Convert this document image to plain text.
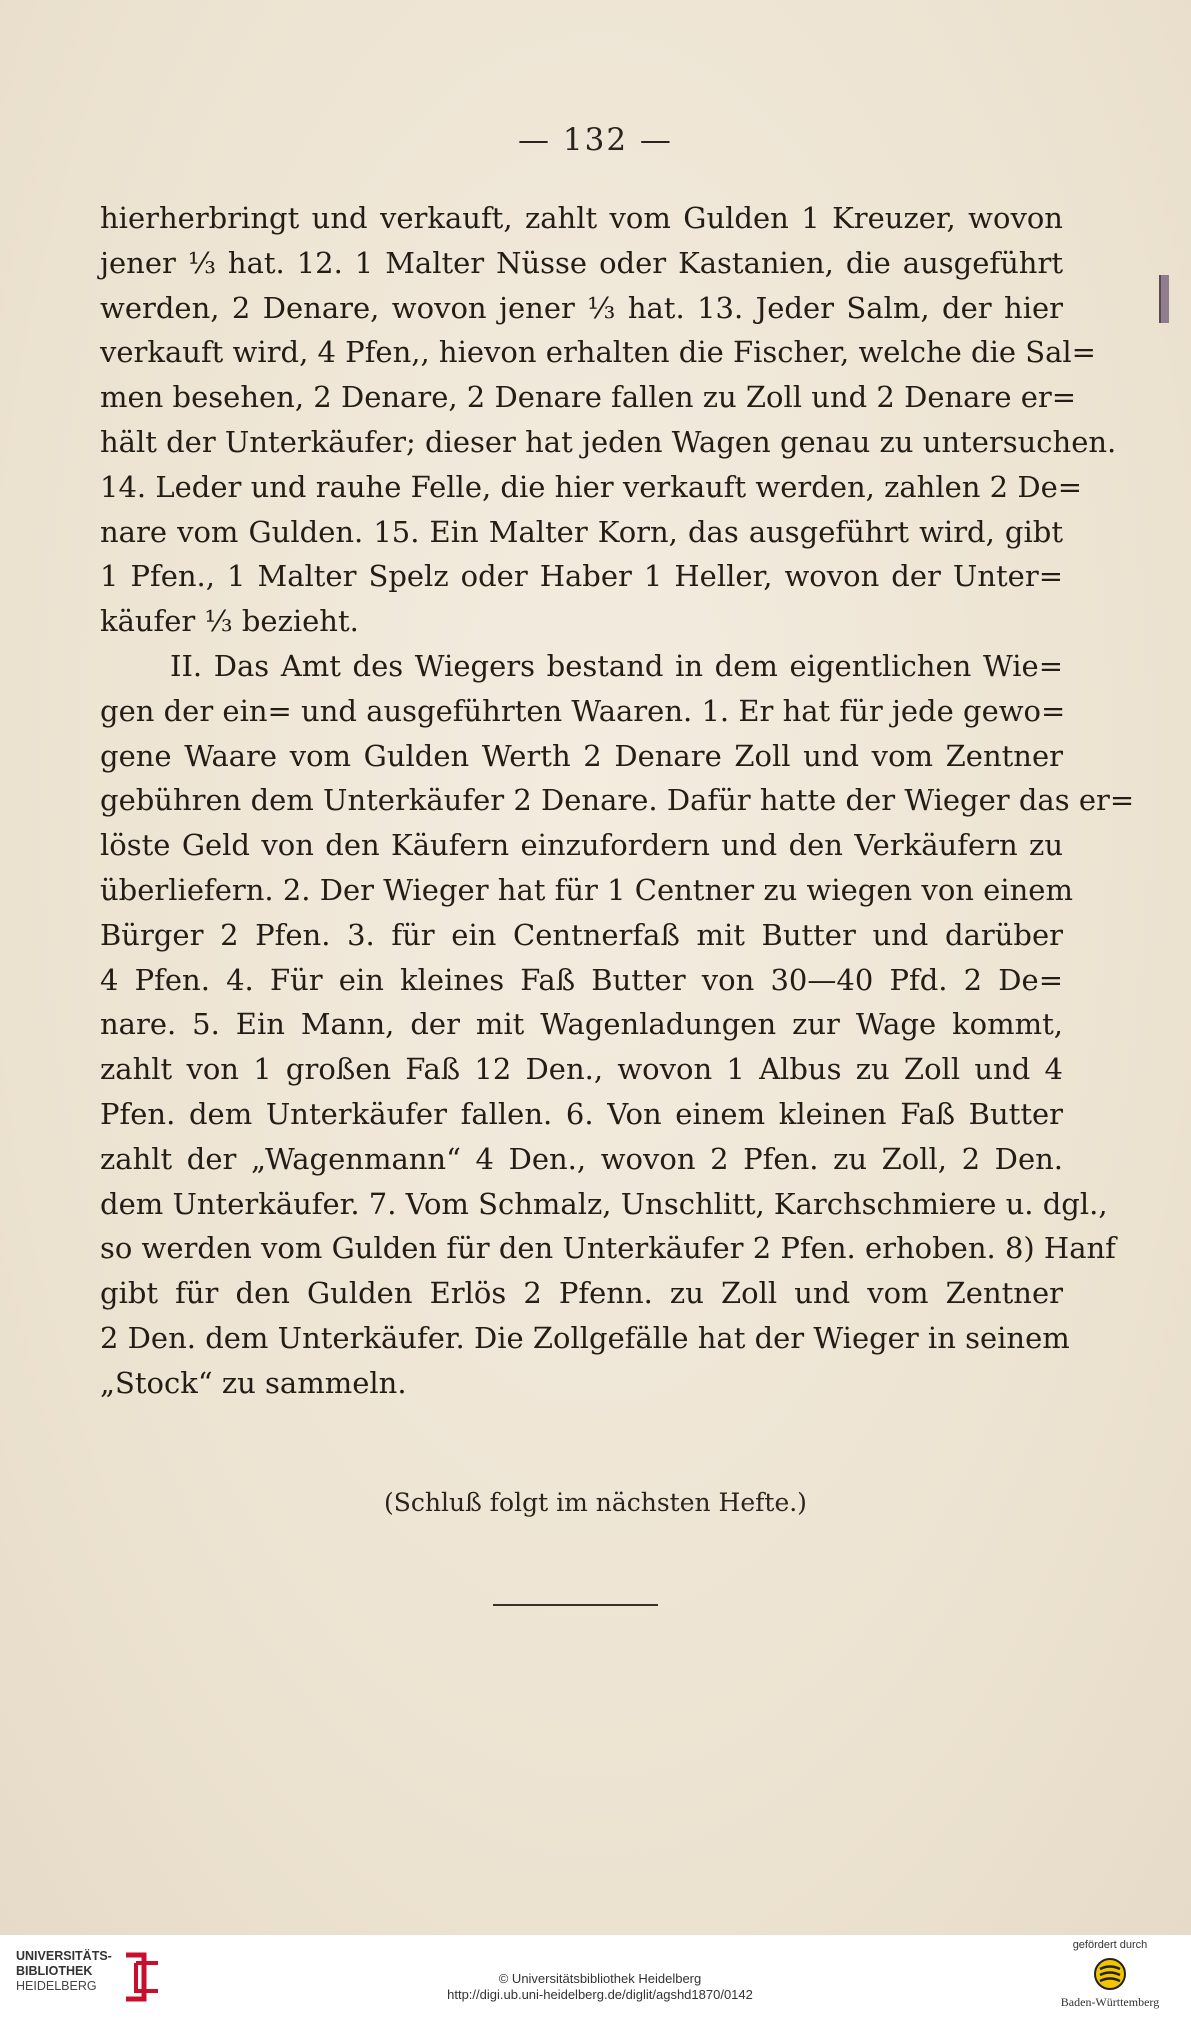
— 132 —
hierherbringt und verkauft, zahlt vom Gulden 1 Kreuzer, wovon
jener ⅓ hat. 12. 1 Malter Nüsse oder Kastanien, die ausgeführt
werden, 2 Denare, wovon jener ⅓ hat. 13. Jeder Salm, der hier
verkauft wird, 4 Pfen,, hievon erhalten die Fischer, welche die Sal=
men besehen, 2 Denare, 2 Denare fallen zu Zoll und 2 Denare er=
hält der Unterkäufer; dieser hat jeden Wagen genau zu untersuchen.
14. Leder und rauhe Felle, die hier verkauft werden, zahlen 2 De=
nare vom Gulden. 15. Ein Malter Korn, das ausgeführt wird, gibt
1 Pfen., 1 Malter Spelz oder Haber 1 Heller, wovon der Unter=
käufer ⅓ bezieht.
II. Das Amt des Wiegers bestand in dem eigentlichen Wie=
gen der ein= und ausgeführten Waaren. 1. Er hat für jede gewo=
gene Waare vom Gulden Werth 2 Denare Zoll und vom Zentner
gebühren dem Unterkäufer 2 Denare. Dafür hatte der Wieger das er=
löste Geld von den Käufern einzufordern und den Verkäufern zu
überliefern. 2. Der Wieger hat für 1 Centner zu wiegen von einem
Bürger 2 Pfen. 3. für ein Centnerfaß mit Butter und darüber
4 Pfen. 4. Für ein kleines Faß Butter von 30—40 Pfd. 2 De=
nare. 5. Ein Mann, der mit Wagenladungen zur Wage kommt,
zahlt von 1 großen Faß 12 Den., wovon 1 Albus zu Zoll und 4
Pfen. dem Unterkäufer fallen. 6. Von einem kleinen Faß Butter
zahlt der „Wagenmann“ 4 Den., wovon 2 Pfen. zu Zoll, 2 Den.
dem Unterkäufer. 7. Vom Schmalz, Unschlitt, Karchschmiere u. dgl.,
so werden vom Gulden für den Unterkäufer 2 Pfen. erhoben. 8) Hanf
gibt für den Gulden Erlös 2 Pfenn. zu Zoll und vom Zentner
2 Den. dem Unterkäufer. Die Zollgefälle hat der Wieger in seinem
„Stock“ zu sammeln.
(Schluß folgt im nächsten Hefte.)
UNIVERSITÄTS-
BIBLIOTHEK
HEIDELBERG	© Universitätsbibliothek Heidelberg
http://digi.ub.uni-heidelberg.de/diglit/agshd1870/0142
gefördert durch
Baden-Württemberg
